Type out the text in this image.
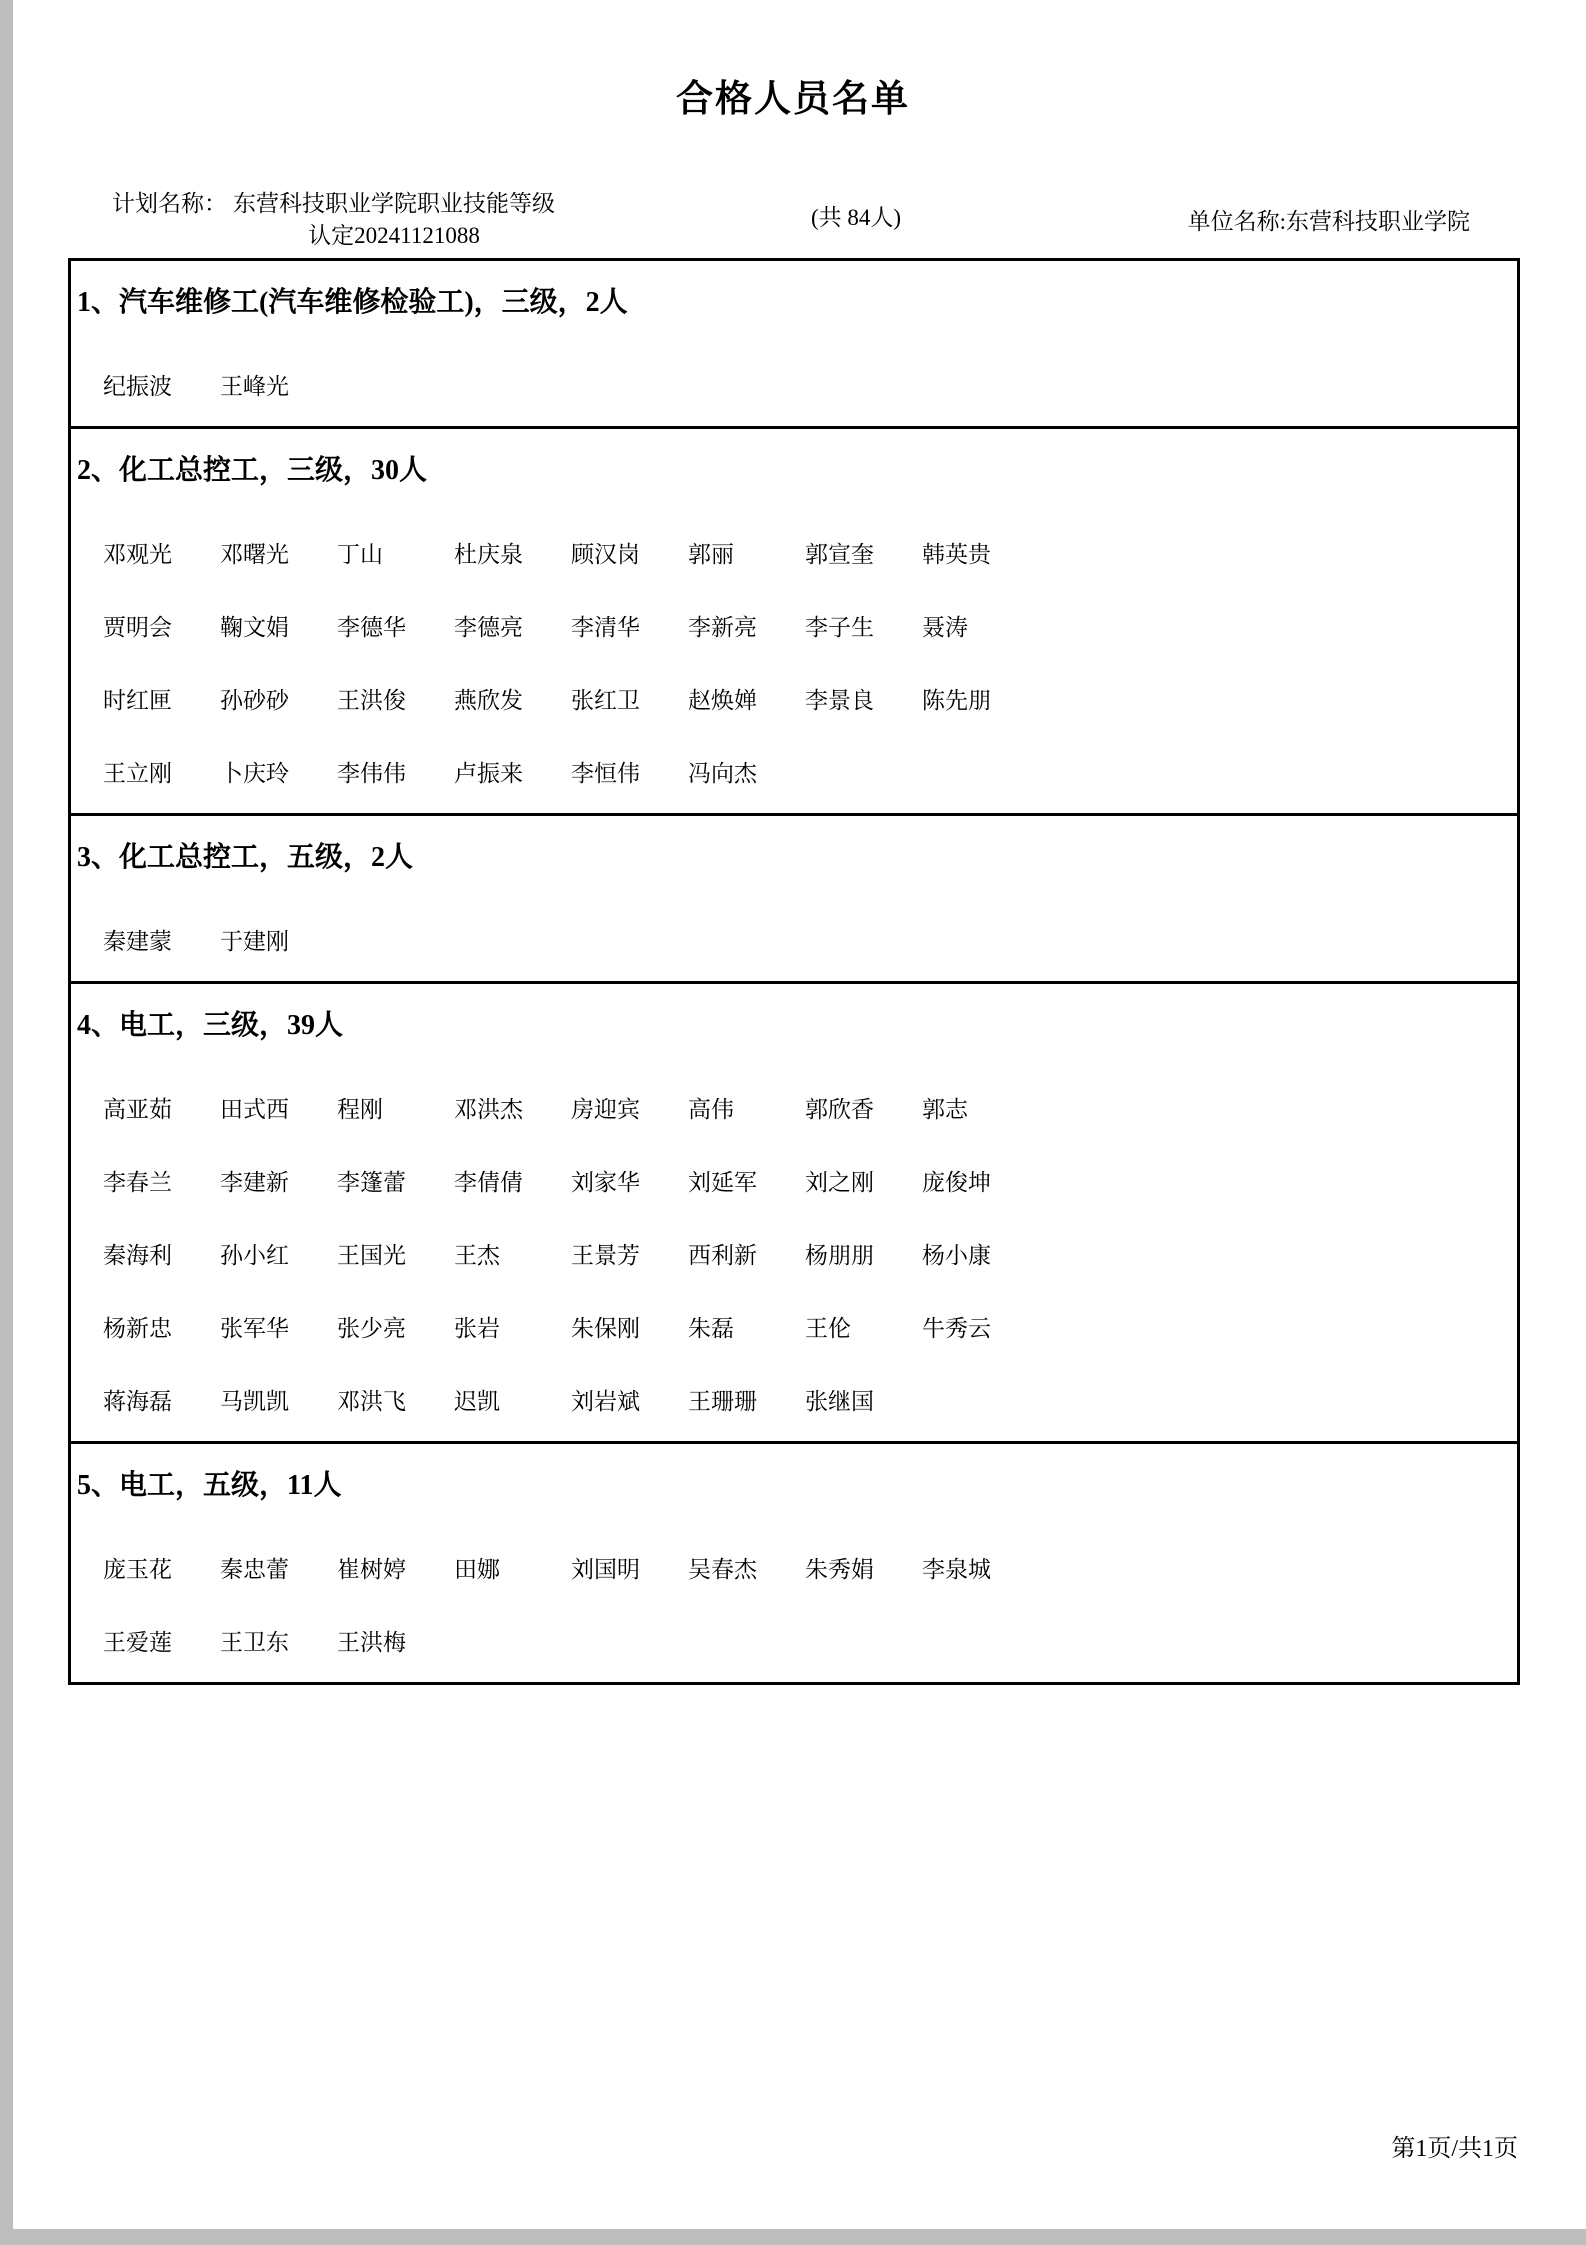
合格人员名单
计划名称： 东营科技职业学院职业技能等级认定20241121088
(共 84人)	单位名称:东营科技职业学院
1、汽车维修工(汽车维修检验工)，三级，2人
纪振波	王峰光
2、化工总控工，三级，30人
邓观光	邓曙光	丁山	杜庆泉	顾汉岗	郭丽	郭宣奎	韩英贵
贾明会	鞠文娟	李德华	李德亮	李清华	李新亮	李子生	聂涛
时红匣	孙砂砂	王洪俊	燕欣发	张红卫	赵焕婵	李景良	陈先朋
王立刚	卜庆玲	李伟伟	卢振来	李恒伟	冯向杰
3、化工总控工，五级，2人
秦建蒙	于建刚
4、电工，三级，39人
高亚茹	田式西	程刚	邓洪杰	房迎宾	高伟	郭欣香	郭志
李春兰	李建新	李篷蕾	李倩倩	刘家华	刘延军	刘之刚	庞俊坤
秦海利	孙小红	王国光	王杰	王景芳	西利新	杨朋朋	杨小康
杨新忠	张军华	张少亮	张岩	朱保刚	朱磊	王伦	牛秀云
蒋海磊	马凯凯	邓洪飞	迟凯	刘岩斌	王珊珊	张继国
5、电工，五级，11人
庞玉花	秦忠蕾	崔树婷	田娜	刘国明	吴春杰	朱秀娟	李泉城
王爱莲	王卫东	王洪梅
第1页/共1页
